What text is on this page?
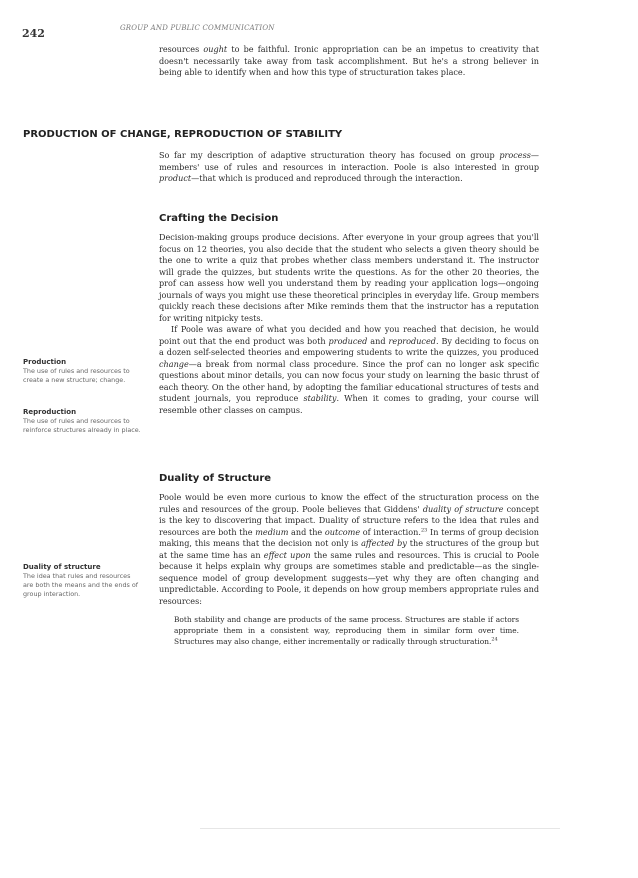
242	GROUP AND PUBLIC COMMUNICATION

resources ought to be faithful. Ironic appropriation can be an impetus to creativity that doesn't necessarily take away from task accomplishment. But he's a strong believer in being able to identify when and how this type of structuration takes place.

PRODUCTION OF CHANGE, REPRODUCTION OF STABILITY

So far my description of adaptive structuration theory has focused on group process—members' use of rules and resources in interaction. Poole is also interested in group product—that which is produced and reproduced through the interaction.

Crafting the Decision

Decision-making groups produce decisions. After everyone in your group agrees that you'll focus on 12 theories, you also decide that the student who selects a given theory should be the one to write a quiz that probes whether class members understand it. The instructor will grade the quizzes, but students write the questions. As for the other 20 theories, the prof can assess how well you understand them by reading your application logs—ongoing journals of ways you might use these theoretical principles in everyday life. Group members quickly reach these decisions after Mike reminds them that the instructor has a reputation for writing nitpicky tests.

If Poole was aware of what you decided and how you reached that decision, he would point out that the end product was both produced and reproduced. By deciding to focus on a dozen self-selected theories and empowering students to write the quizzes, you produced change—a break from normal class procedure. Since the prof can no longer ask specific questions about minor details, you can now focus your study on learning the basic thrust of each theory. On the other hand, by adopting the familiar educational structures of tests and student journals, you reproduce stability. When it comes to grading, your course will resemble other classes on campus.

Duality of Structure

Poole would be even more curious to know the effect of the structuration process on the rules and resources of the group. Poole believes that Giddens' duality of structure concept is the key to discovering that impact. Duality of structure refers to the idea that rules and resources are both the medium and the outcome of interaction.$^{23}$ In terms of group decision making, this means that the decision not only is affected by the structures of the group but at the same time has an effect upon the same rules and resources. This is crucial to Poole because it helps explain why groups are sometimes stable and predictable—as the single-sequence model of group development suggests—yet why they are often changing and unpredictable. According to Poole, it depends on how group members appropriate rules and resources:

Both stability and change are products of the same process. Structures are stable if actors appropriate them in a consistent way, reproducing them in similar form over time. Structures may also change, either incrementally or radically through structuration.$^{24}$

Production

The use of rules and resources to create a new structure; change.

Reproduction

The use of rules and resources to reinforce structures already in place.

Duality of structure

The idea that rules and resources are both the means and the ends of group interaction.
